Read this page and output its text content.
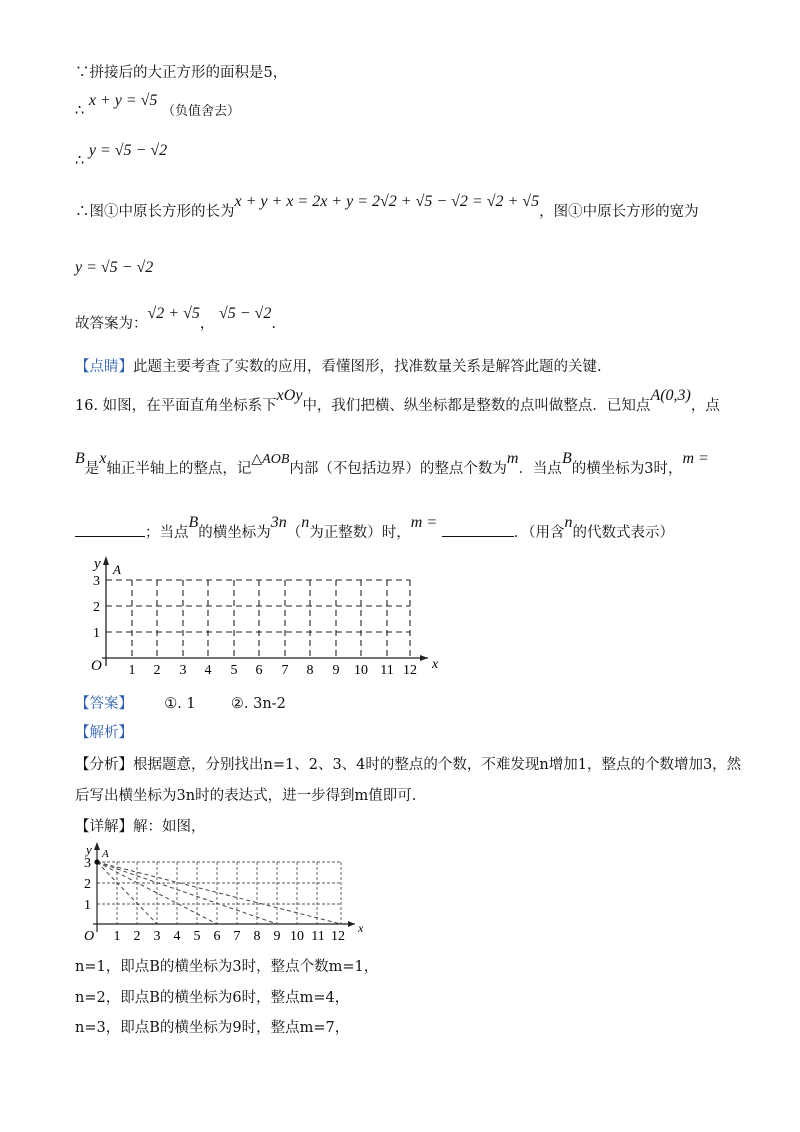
∵拼接后的大正方形的面积是5，
∴ x + y = √5 （负值舍去）
∴ y = √5 − √2
∴图①中原长方形的长为x + y + x = 2x + y = 2√2 + √5 − √2 = √2 + √5，图①中原长方形的宽为
y = √5 − √2
故答案为：√2 + √5， √5 − √2.
【点睛】此题主要考查了实数的应用，看懂图形，找准数量关系是解答此题的关键.
16. 如图，在平面直角坐标系下xOy中，我们把横、纵坐标都是整数的点叫做整点．已知点A(0,3)，点
B是x轴正半轴上的整点，记△AOB内部（不包括边界）的整点个数为m．当点B的横坐标为3时，m =
；当点B的横坐标为3n（n为正整数）时，m = ．（用含n的代数式表示）
y A
x
O
3
2
1
1 2 3 4 5 6 7 8 9 10 11 12
【答案】 ①. 1 ②. 3n-2
【解析】
【分析】根据题意，分别找出n=1、2、3、4时的整点的个数，不难发现n增加1，整点的个数增加3，然
后写出横坐标为3n时的表达式，进一步得到m值即可.
【详解】解：如图，
y A
x
O
3
2
1
1 2 3 4 5 6 7 8 9 10 11 12
n=1，即点B的横坐标为3时，整点个数m=1，
n=2，即点B的横坐标为6时，整点m=4，
n=3，即点B的横坐标为9时，整点m=7，
